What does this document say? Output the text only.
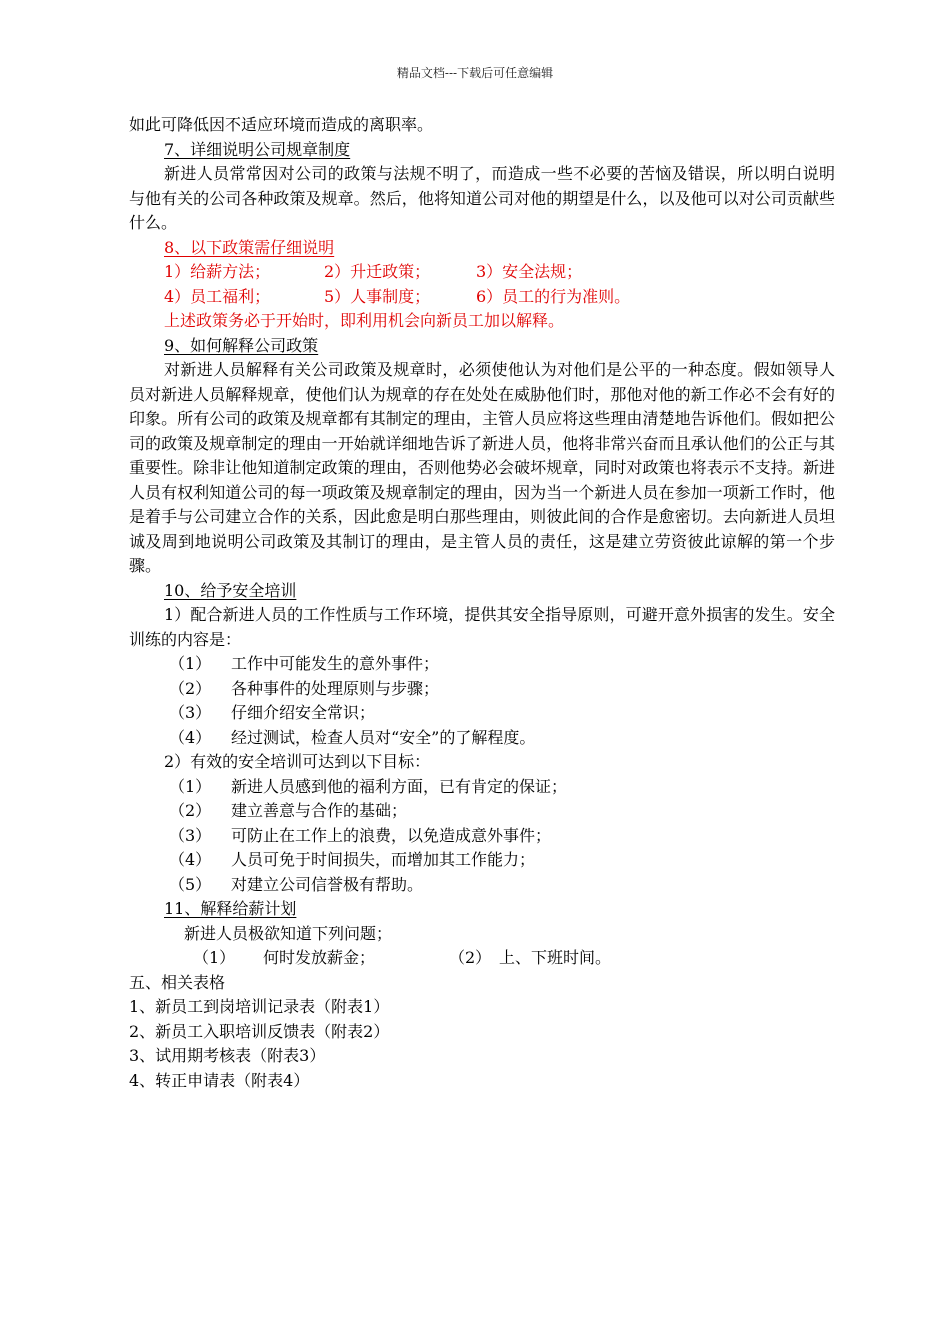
精品文档---下载后可任意编辑
如此可降低因不适应环境而造成的离职率。
7、详细说明公司规章制度
新进人员常常因对公司的政策与法规不明了，而造成一些不必要的苦恼及错误，所以明白说明与他有关的公司各种政策及规章。然后，他将知道公司对他的期望是什么，以及他可以对公司贡献些什么。
8、以下政策需仔细说明
1）给薪方法；	2）升迁政策；	3）安全法规；
4）员工福利；	5）人事制度；	6）员工的行为准则。
上述政策务必于开始时，即利用机会向新员工加以解释。
9、如何解释公司政策
对新进人员解释有关公司政策及规章时，必须使他认为对他们是公平的一种态度。假如领导人员对新进人员解释规章，使他们认为规章的存在处处在威胁他们时，那他对他的新工作必不会有好的印象。所有公司的政策及规章都有其制定的理由，主管人员应将这些理由清楚地告诉他们。假如把公司的政策及规章制定的理由一开始就详细地告诉了新进人员，他将非常兴奋而且承认他们的公正与其重要性。除非让他知道制定政策的理由，否则他势必会破坏规章，同时对政策也将表示不支持。新进人员有权利知道公司的每一项政策及规章制定的理由，因为当一个新进人员在参加一项新工作时，他是着手与公司建立合作的关系，因此愈是明白那些理由，则彼此间的合作是愈密切。去向新进人员坦诚及周到地说明公司政策及其制订的理由，是主管人员的责任，这是建立劳资彼此谅解的第一个步骤。
10、给予安全培训
1）配合新进人员的工作性质与工作环境，提供其安全指导原则，可避开意外损害的发生。安全训练的内容是：
（1） 工作中可能发生的意外事件；
（2） 各种事件的处理原则与步骤；
（3） 仔细介绍安全常识；
（4） 经过测试，检查人员对“安全”的了解程度。
2）有效的安全培训可达到以下目标：
（1） 新进人员感到他的福利方面，已有肯定的保证；
（2） 建立善意与合作的基础；
（3） 可防止在工作上的浪费，以免造成意外事件；
（4） 人员可免于时间损失，而增加其工作能力；
（5） 对建立公司信誉极有帮助。
11、解释给薪计划
新进人员极欲知道下列问题；
（1） 何时发放薪金；	（2） 上、下班时间。
五、相关表格
1、新员工到岗培训记录表（附表1）
2、新员工入职培训反馈表（附表2）
3、试用期考核表（附表3）
4、转正申请表（附表4）
